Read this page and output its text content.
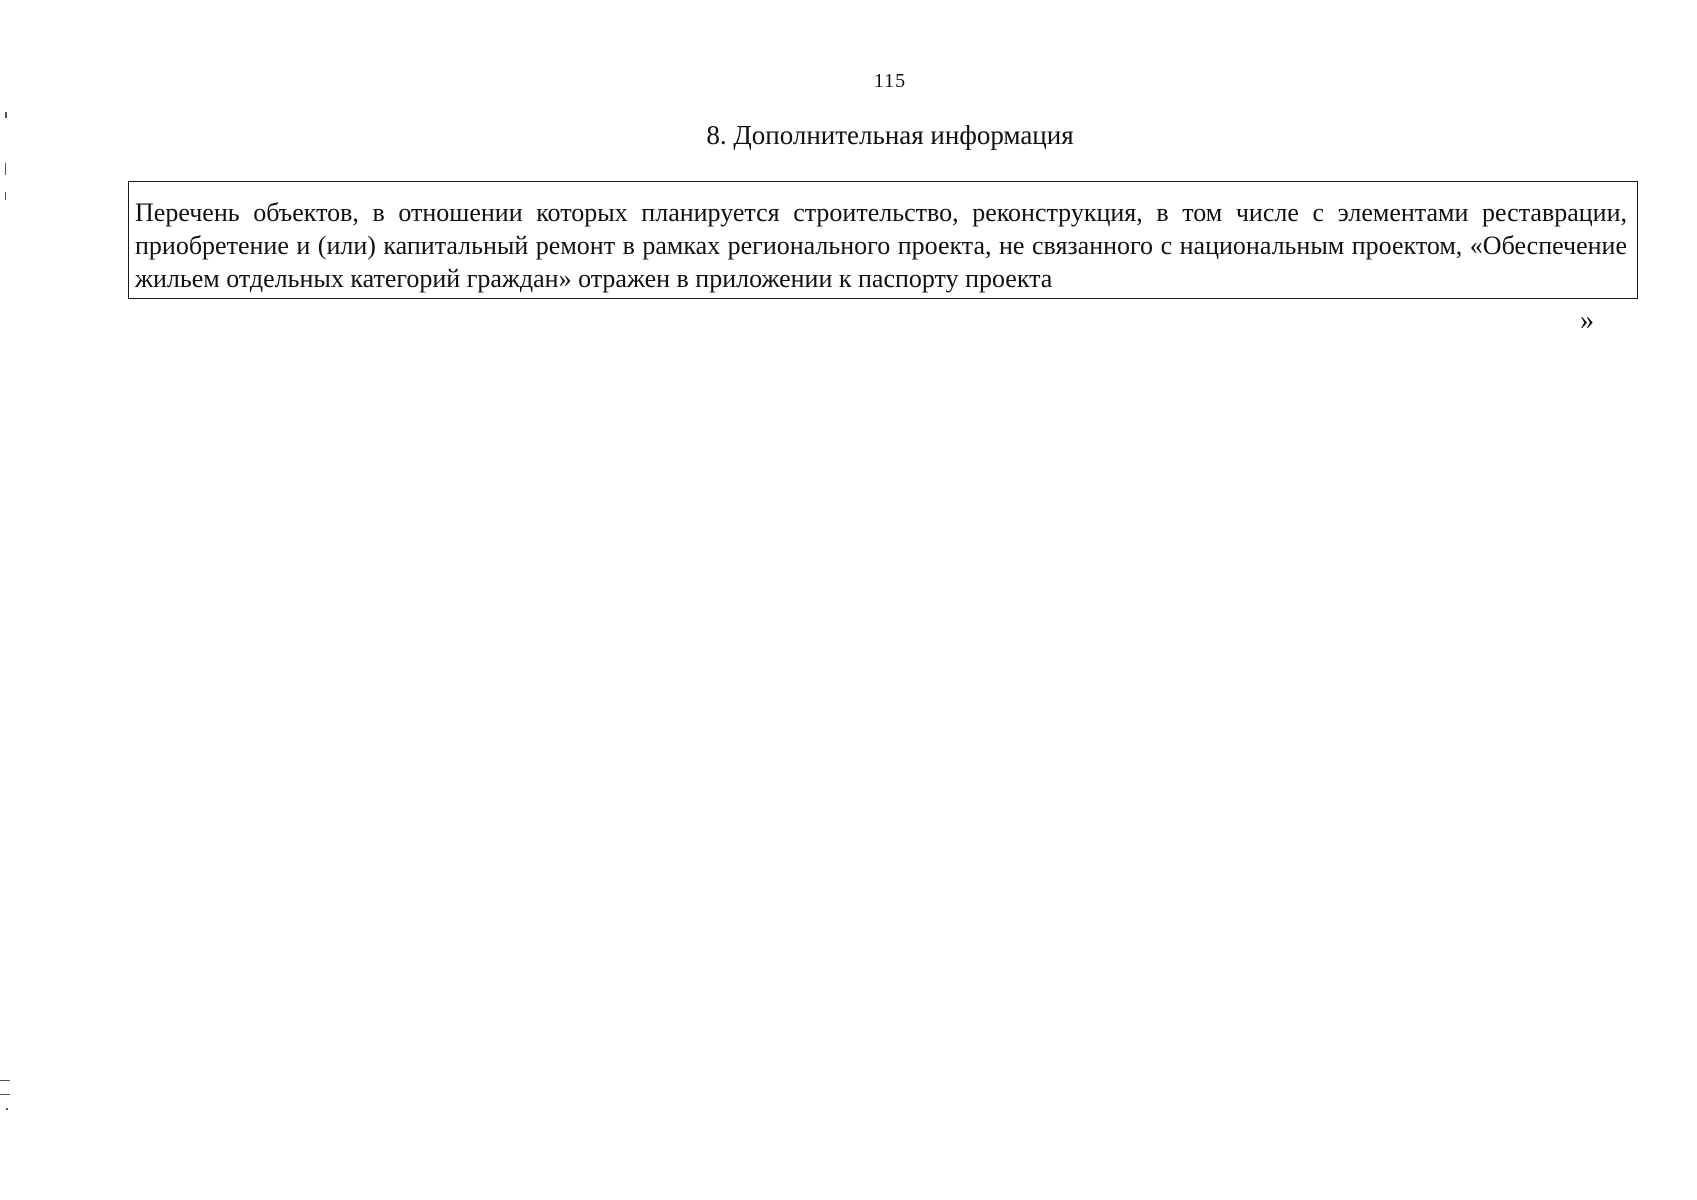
115
8. Дополнительная информация
Перечень объектов, в отношении которых планируется строительство, реконструкция, в том числе с элементами реставрации, приобретение и (или) капитальный ремонт в рамках регионального проекта, не связанного с национальным проектом, «Обеспечение жильем отдельных категорий граждан» отражен в приложении к паспорту проекта
»
